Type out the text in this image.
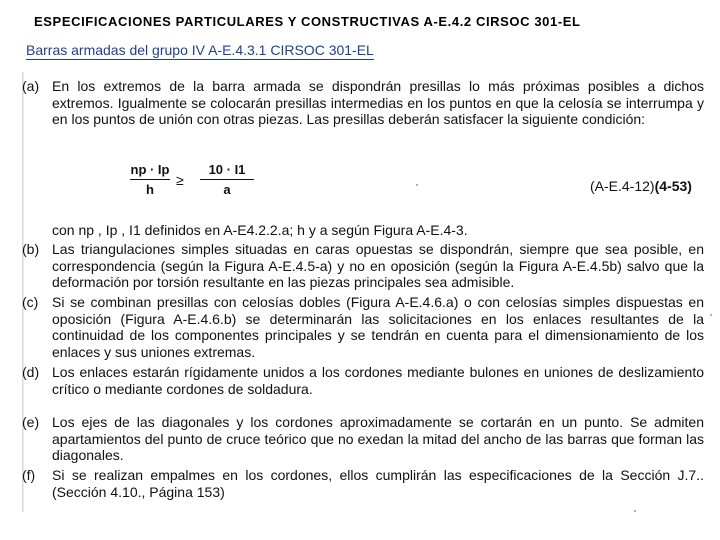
ESPECIFICACIONES PARTICULARES Y CONSTRUCTIVAS A-E.4.2 CIRSOC 301-EL
Barras armadas del grupo IV A-E.4.3.1 CIRSOC 301-EL
(a) En los extremos de la barra armada se dispondrán presillas lo más próximas posibles a dichos extremos. Igualmente se colocarán presillas intermedias en los puntos en que la celosía se interrumpa y en los puntos de unión con otras piezas. Las presillas deberán satisfacer la siguiente condición:
np · Ip
h
≥
10 · I1
a	(A-E.4-12)(4-53)
con np , Ip , I1 definidos en A-E4.2.2.a; h y a según Figura A-E.4-3.
(b) Las triangulaciones simples situadas en caras opuestas se dispondrán, siempre que sea posible, en correspondencia (según la Figura A-E.4.5-a) y no en oposición (según la Figura A-E.4.5b) salvo que la deformación por torsión resultante en las piezas principales sea admisible.
(c) Si se combinan presillas con celosías dobles (Figura A-E.4.6.a) o con celosías simples dispuestas en oposición (Figura A-E.4.6.b) se determinarán las solicitaciones en los enlaces resultantes de la continuidad de los componentes principales y se tendrán en cuenta para el dimensionamiento de los enlaces y sus uniones extremas.
(d) Los enlaces estarán rígidamente unidos a los cordones mediante bulones en uniones de deslizamiento crítico o mediante cordones de soldadura.
(e) Los ejes de las diagonales y los cordones aproximadamente se cortarán en un punto. Se admiten apartamientos del punto de cruce teórico que no exedan la mitad del ancho de las barras que forman las diagonales.
(f) Si se realizan empalmes en los cordones, ellos cumplirán las especificaciones de la Sección J.7..(Sección 4.10., Página 153)
